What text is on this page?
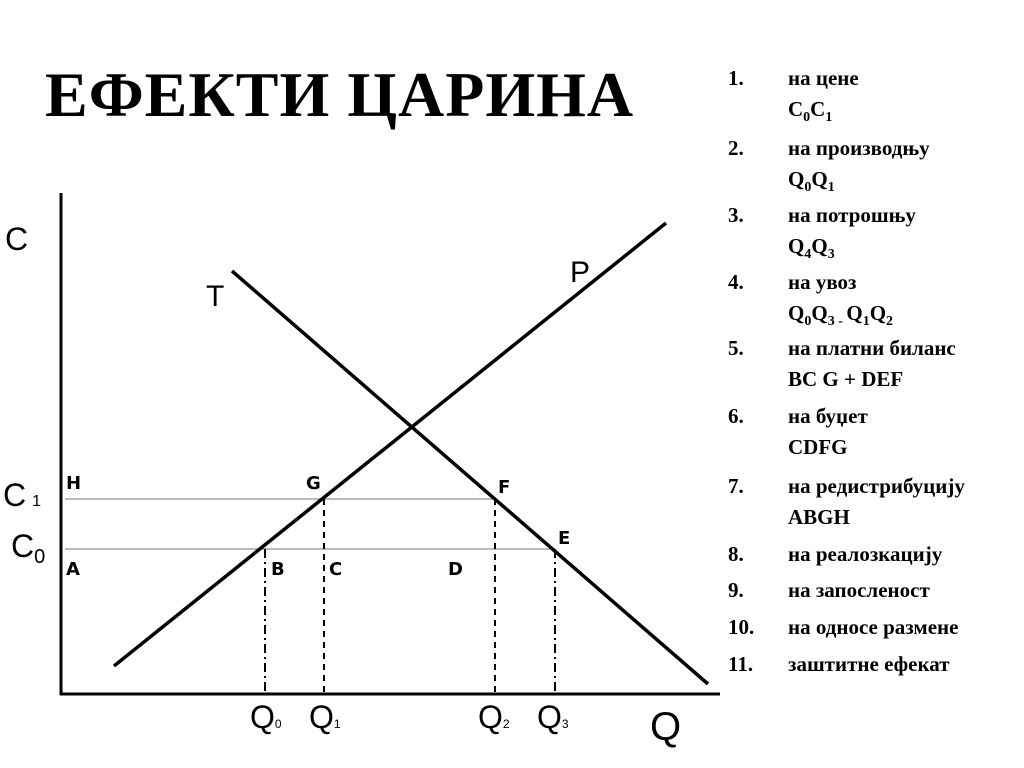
ЕФЕКТИ ЦАРИНА	1. на цене
$C_0C_1$
2. на производњу
$Q_0Q_1$
3. на потрошњу
$Q_4Q_3$
4. на увоз
$Q_0Q_{3 -}$ $Q_1Q_2$
5. на платни биланс
BC G + DEF
6. на буџет
CDFG
7. на редистрибуцију
ABGH
8. на реалозкацију
9. на запосленост
10. на односе размене
11. заштитне ефекат
C
Q
T
P
C 1
C0
H	G	F
E
A	B C	D
Q0 Q1	Q2 Q3
